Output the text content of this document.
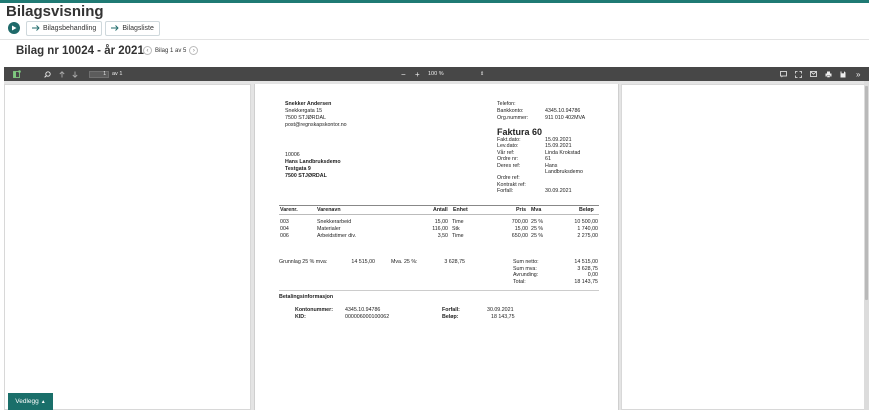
Bilagsvisning
Bilagsbehandling	Bilagsliste
Bilag nr 10024 - år 2021 ‹ Bilag 1 av 5 ›
1	av 1	− + 100 %	⇕	»
Snekker Andersen
Snekkergata 15
7500 STJØRDAL
post@regnskapskontor.no
Telefon:
Bankkonto:	4345.10.94786
Org.nummer:	911 010 402MVA
Faktura 60
Fakt.dato:	15.09.2021
Lev.dato:	15.09.2021
Vår ref:	Linda Krokstad
Ordre nr:	61
Deres ref:	Hans
Landbruksdemo
Ordre ref:
Kontrakt ref:
Forfall:	30.09.2021
10006
Hans Landbruksdemo
Testgata 9
7500 STJØRDAL
Varenr.	Varenavn	Antall Enhet	Pris Mva	Beløp
003	Snekkerarbeid	15,00 Time	700,00 25 %	10 500,00
004	Materialer	116,00 Stk	15,00 25 %	1 740,00
006	Arbeidstimer div.	3,50 Time	650,00 25 %	2 275,00
Grunnlag 25 % mva:	14 515,00	Mva. 25 %:	3 628,75	Sum netto:	14 515,00
Sum mva:	3 628,75
Avrunding:	0,00
Total:	18 143,75
Betalingsinformasjon
Kontonummer: 4345.10.94786
KID:	000006000100062
Forfall:	30.09.2021
Beløp:	18 143,75
Vedlegg ▲
